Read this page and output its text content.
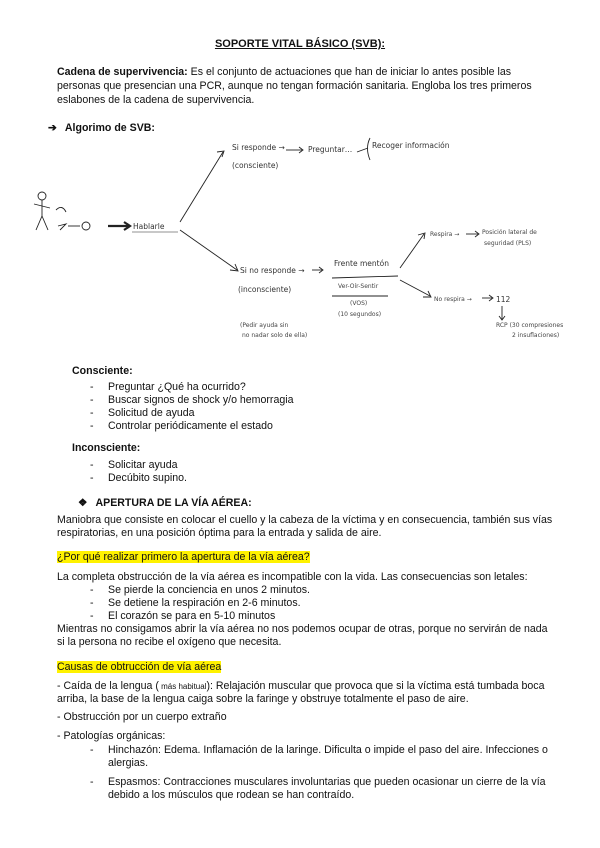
SOPORTE VITAL BÁSICO (SVB):
Cadena de supervivencia: Es el conjunto de actuaciones que han de iniciar lo antes posible las personas que presencian una PCR, aunque no tengan formación sanitaria. Engloba los tres primeros eslabones de la cadena de supervivencia.
➔ Algorimo de SVB:
Hablarle
Si responde →
(consciente)
Preguntar…	Recoger información
Si no responde →
(inconsciente)
(Pedir ayuda sin
no nadar solo de ella)
Frente mentón
Ver-Oír-Sentir
(VOS)
(10 segundos)
Respira →	Posición lateral de
seguridad (PLS)
No respira →	112
RCP (30 compresiones
2 insuflaciones)
Consciente:
- Preguntar ¿Qué ha ocurrido?
- Buscar signos de shock y/o hemorragia
- Solicitud de ayuda
- Controlar periódicamente el estado
Inconsciente:
- Solicitar ayuda
- Decúbito supino.
❖ APERTURA DE LA VÍA AÉREA:
Maniobra que consiste en colocar el cuello y la cabeza de la víctima y en consecuencia, también sus vías respiratorias, en una posición óptima para la entrada y salida de aire.
¿Por qué realizar primero la apertura de la vía aérea?
La completa obstrucción de la vía aérea es incompatible con la vida. Las consecuencias son letales:
- Se pierde la conciencia en unos 2 minutos.
- Se detiene la respiración en 2-6 minutos.
- El corazón se para en 5-10 minutos
Mientras no consigamos abrir la vía aérea no nos podemos ocupar de otras, porque no servirán de nada si la persona no recibe el oxígeno que necesita.
Causas de obtrucción de vía aérea
- Caída de la lengua ( más habitual): Relajación muscular que provoca que si la víctima está tumbada boca arriba, la base de la lengua caiga sobre la faringe y obstruye totalmente el paso de aire.
- Obstrucción por un cuerpo extraño
- Patologías orgánicas:
- Hinchazón: Edema. Inflamación de la laringe. Dificulta o impide el paso del aire. Infecciones o alergias.
- Espasmos: Contracciones musculares involuntarias que pueden ocasionar un cierre de la vía debido a los músculos que rodean se han contraído.
